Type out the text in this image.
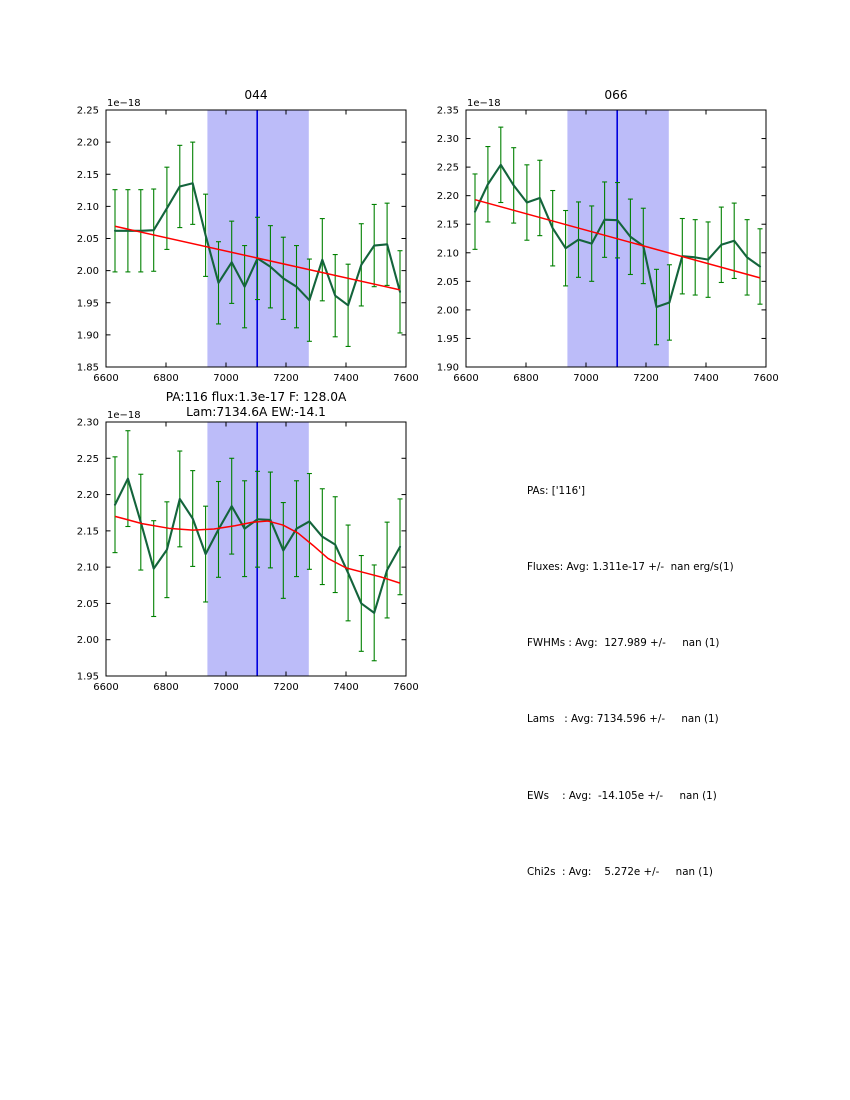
6600	6800	7000	7200	7400	7600
1.85
1.90
1.95
2.00
2.05
2.10
2.15
2.20
2.25
044
1e−18
6600	6800	7000	7200	7400	7600
1.90
1.95
2.00
2.05
2.10
2.15
2.20
2.25
2.30
2.35
066
1e−18
6600	6800	7000	7200	7400	7600
1.95
2.00
2.05
2.10
2.15
2.20
2.25
2.30
PA:116 flux:1.3e-17 F: 128.0A
Lam:7134.6A EW:-14.1
1e−18

PAs: ['116']

Fluxes: Avg: 1.311e-17 +/-  nan erg/s(1)

FWHMs : Avg:  127.989 +/-     nan (1)

Lams   : Avg: 7134.596 +/-     nan (1)

EWs    : Avg:  -14.105e +/-     nan (1)

Chi2s  : Avg:    5.272e +/-     nan (1)
